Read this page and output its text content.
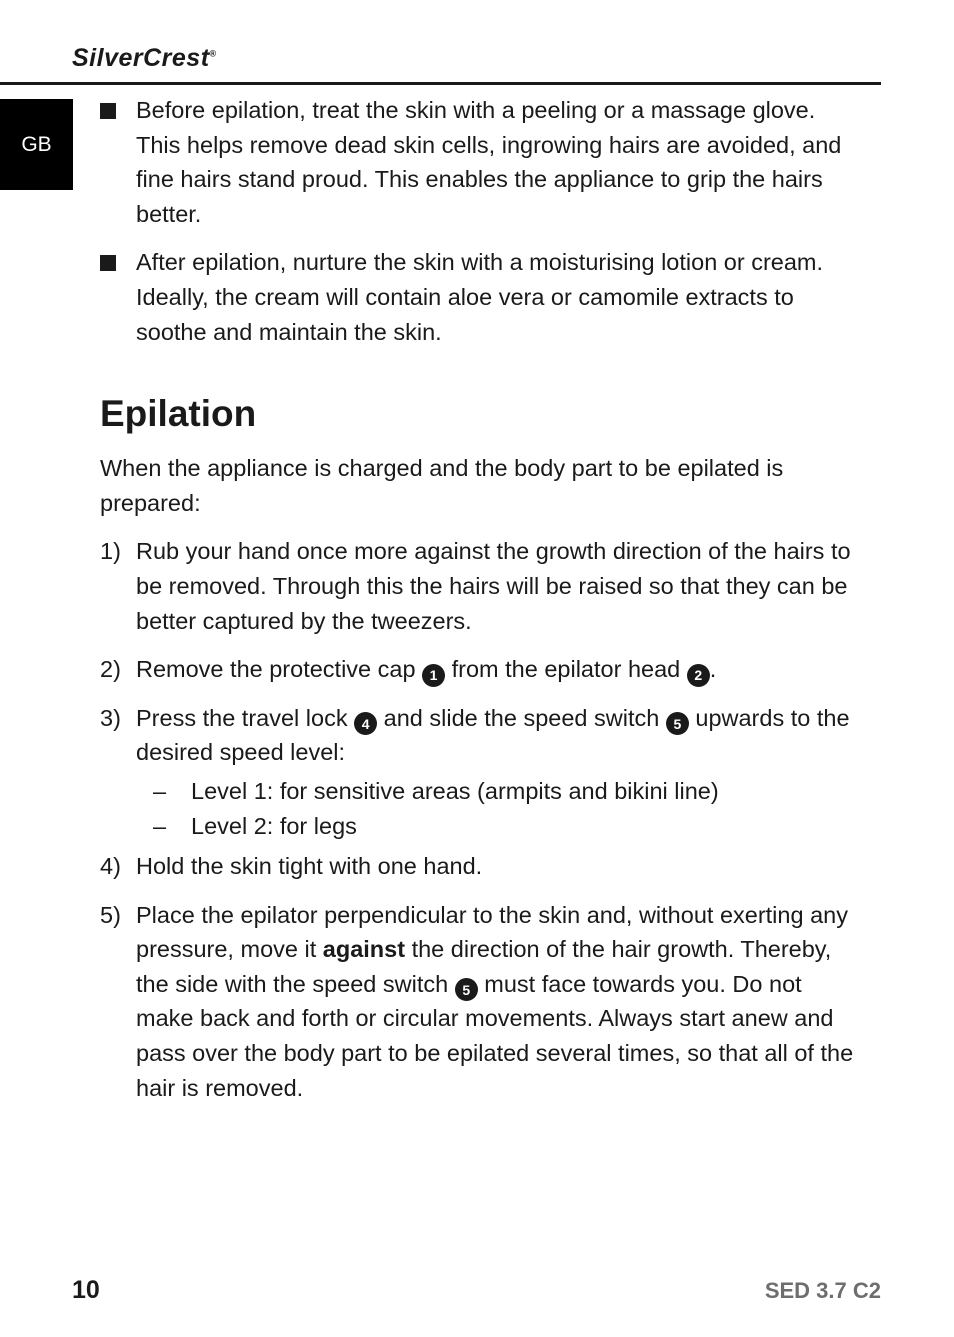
SilverCrest®
GB
Before epilation, treat the skin with a peeling or a massage glove. This helps remove dead skin cells, ingrowing hairs are avoided, and fine hairs stand proud. This enables the appliance to grip the hairs better.
After epilation, nurture the skin with a moisturising lotion or cream. Ideally, the cream will contain aloe vera or camomile extracts to soothe and maintain the skin.
Epilation

When the appliance is charged and the body part to be epilated is prepared:

1) Rub your hand once more against the growth direction of the hairs to be removed. Through this the hairs will be raised so that they can be better captured by the tweezers.
2) Remove the protective cap 1 from the epilator head 2 .
3) Press the travel lock 4 and slide the speed switch 5 upwards to the desired speed level:
– Level 1: for sensitive areas (armpits and bikini line)
– Level 2: for legs
4) Hold the skin tight with one hand.
5) Place the epilator perpendicular to the skin and, without exerting any pressure, move it against the direction of the hair growth. Thereby, the side with the speed switch 5 must face towards you. Do not make back and forth or circular movements. Always start anew and pass over the body part to be epilated several times, so that all of the hair is removed.
10	SED 3.7 C2
